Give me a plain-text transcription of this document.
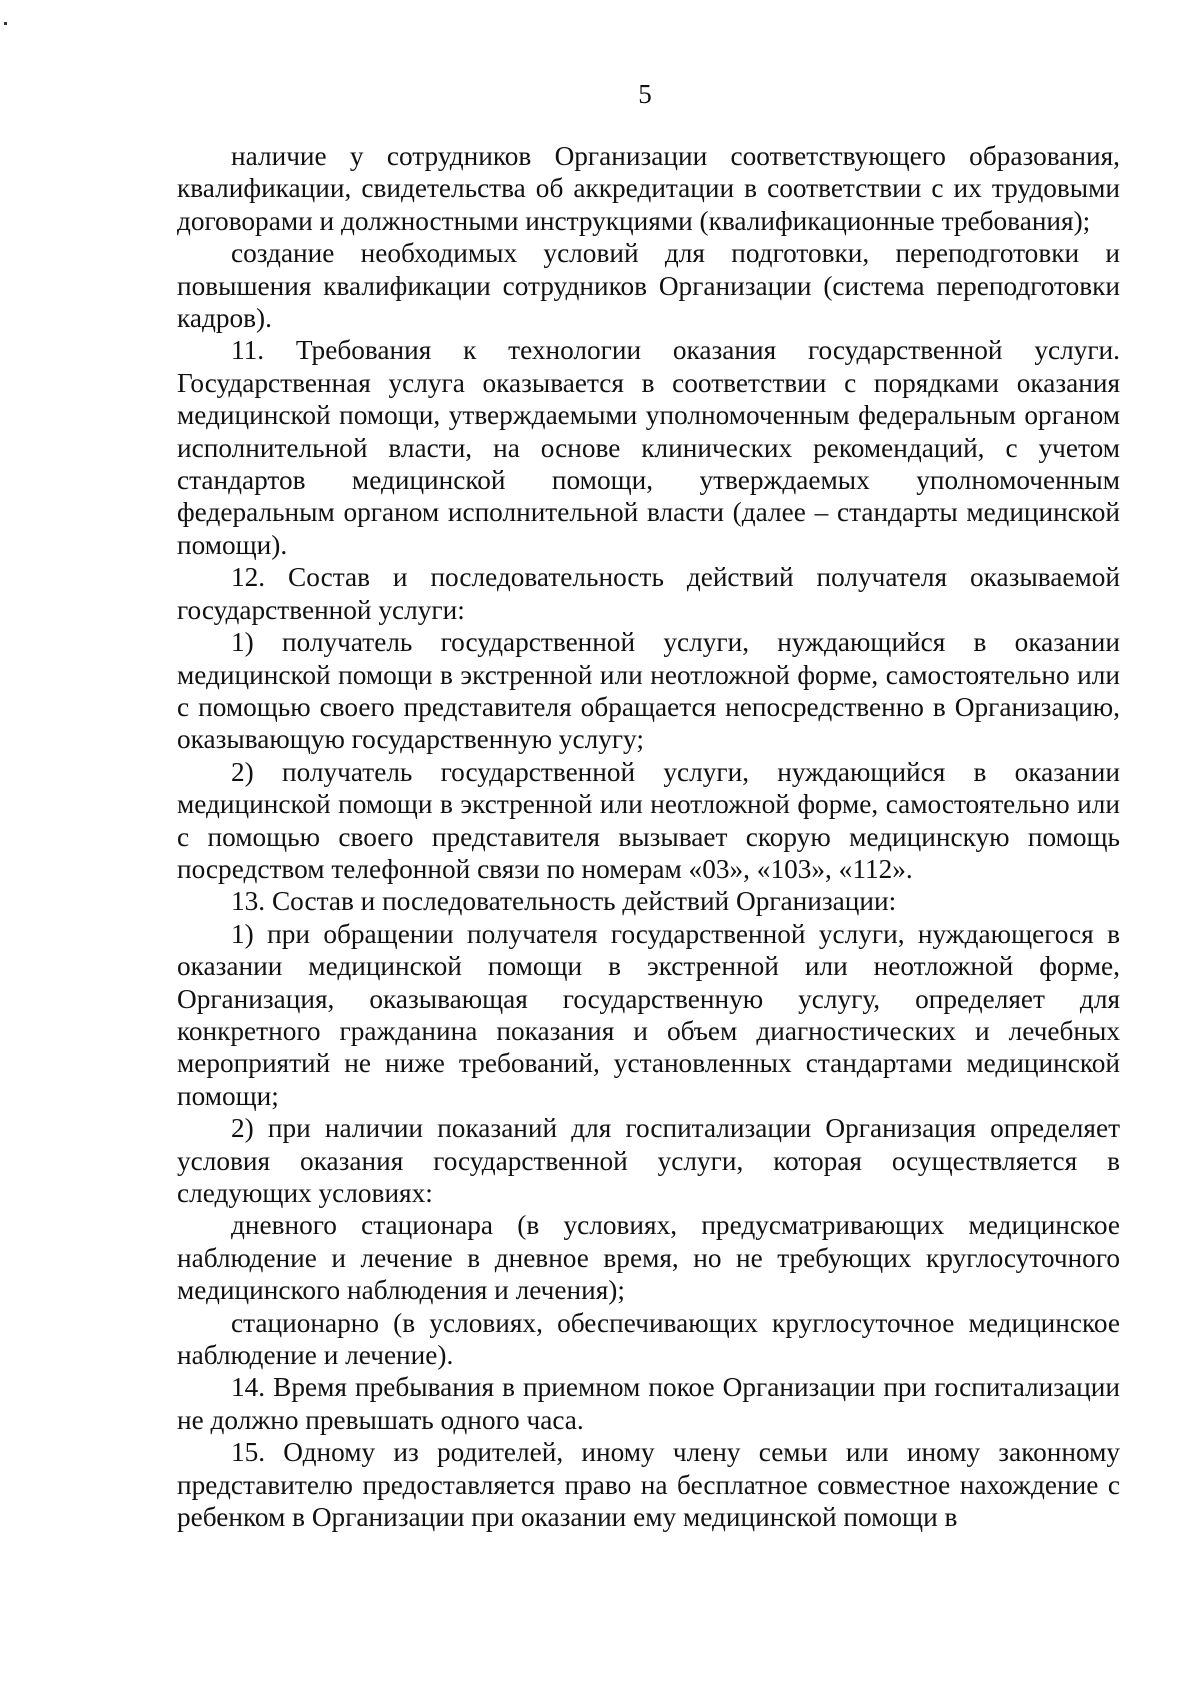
5

наличие у сотрудников Организации соответствующего образования, квалификации, свидетельства об аккредитации в соответствии с их трудовыми договорами и должностными инструкциями (квалификационные требования);

создание необходимых условий для подготовки, переподготовки и повышения квалификации сотрудников Организации (система переподготовки кадров).

11. Требования к технологии оказания государственной услуги. Государственная услуга оказывается в соответствии с порядками оказания медицинской помощи, утверждаемыми уполномоченным федеральным органом исполнительной власти, на основе клинических рекомендаций, с учетом стандартов медицинской помощи, утверждаемых уполномоченным федеральным органом исполнительной власти (далее – стандарты медицинской помощи).

12. Состав и последовательность действий получателя оказываемой государственной услуги:

1) получатель государственной услуги, нуждающийся в оказании медицинской помощи в экстренной или неотложной форме, самостоятельно или с помощью своего представителя обращается непосредственно в Организацию, оказывающую государственную услугу;

2) получатель государственной услуги, нуждающийся в оказании медицинской помощи в экстренной или неотложной форме, самостоятельно или с помощью своего представителя вызывает скорую медицинскую помощь посредством телефонной связи по номерам «03», «103», «112».

13. Состав и последовательность действий Организации:

1) при обращении получателя государственной услуги, нуждающегося в оказании медицинской помощи в экстренной или неотложной форме, Организация, оказывающая государственную услугу, определяет для конкретного гражданина показания и объем диагностических и лечебных мероприятий не ниже требований, установленных стандартами медицинской помощи;

2) при наличии показаний для госпитализации Организация определяет условия оказания государственной услуги, которая осуществляется в следующих условиях:

дневного стационара (в условиях, предусматривающих медицинское наблюдение и лечение в дневное время, но не требующих круглосуточного медицинского наблюдения и лечения);

стационарно (в условиях, обеспечивающих круглосуточное медицинское наблюдение и лечение).

14. Время пребывания в приемном покое Организации при госпитализации не должно превышать одного часа.

15. Одному из родителей, иному члену семьи или иному законному представителю предоставляется право на бесплатное совместное нахождение с ребенком в Организации при оказании ему медицинской помощи в
